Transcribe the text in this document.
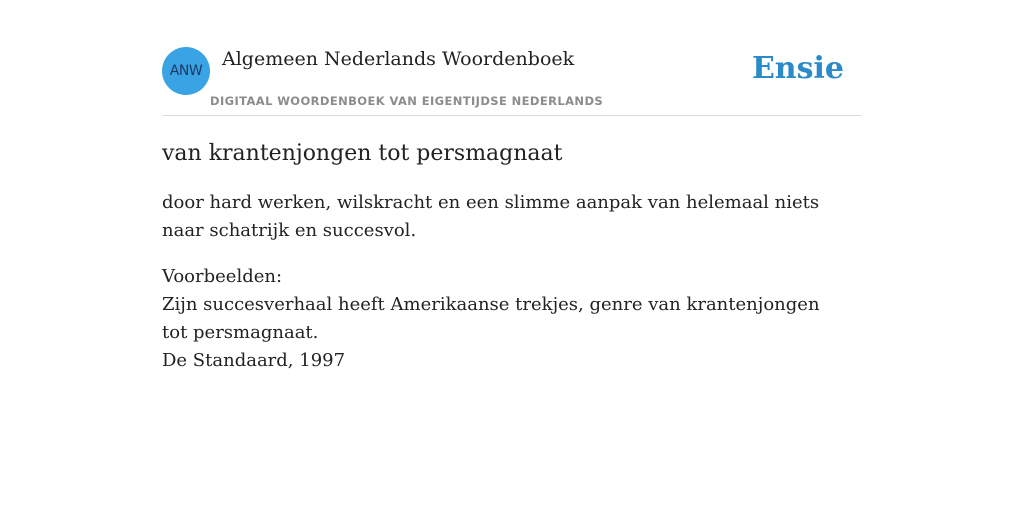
ANW
Algemeen Nederlands Woordenboek
DIGITAAL WOORDENBOEK VAN EIGENTIJDSE NEDERLANDS
Ensie
van krantenjongen tot persmagnaat
door hard werken, wilskracht en een slimme aanpak van helemaal niets naar schatrijk en succesvol.
Voorbeelden:
Zijn succesverhaal heeft Amerikaanse trekjes, genre van krantenjongen tot persmagnaat.
De Standaard, 1997
